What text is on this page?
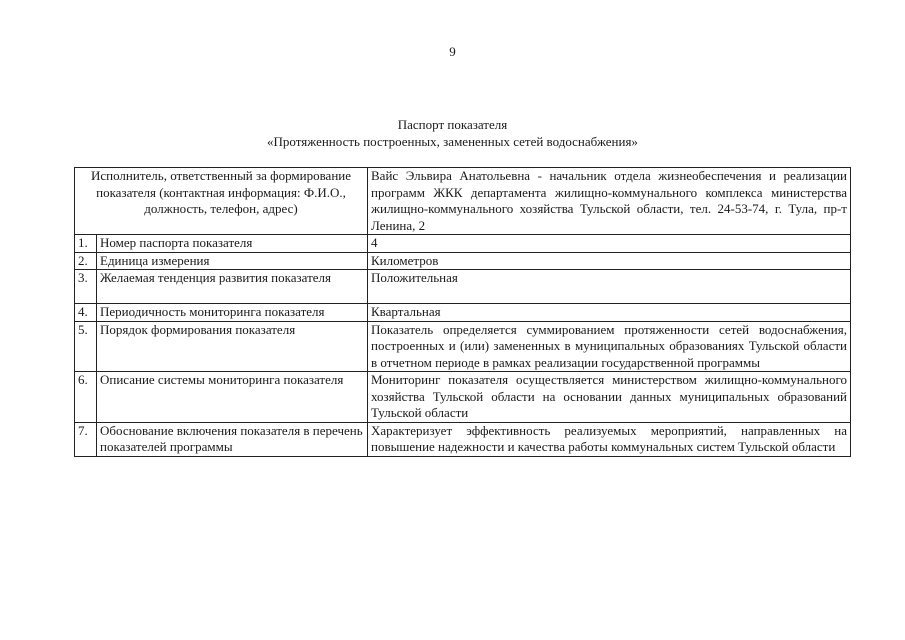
9
Паспорт показателя
«Протяженность построенных, замененных сетей водоснабжения»
Исполнитель, ответственный за формирование показателя (контактная информация: Ф.И.О., должность, телефон, адрес)		Вайс Эльвира Анатольевна - начальник отдела жизнеобеспечения и реализации программ ЖКК департамента жилищно-коммунального комплекса министерства жилищно-коммунального хозяйства Тульской области, тел. 24-53-74, г. Тула, пр-т Ленина, 2
1.	Номер паспорта показателя	4
2.	Единица измерения	Километров
3.	Желаемая тенденция развития показателя	Положительная
4.	Периодичность мониторинга показателя	Квартальная
5.	Порядок формирования показателя	Показатель определяется суммированием протяженности сетей водоснабжения, построенных и (или) замененных в муниципальных образованиях Тульской области в отчетном периоде в рамках реализации государственной программы
6.	Описание системы мониторинга показателя	Мониторинг показателя осуществляется министерством жилищно-коммунального хозяйства Тульской области на основании данных муниципальных образований Тульской области
7.	Обоснование включения показателя в перечень показателей программы	Характеризует эффективность реализуемых мероприятий, направленных на повышение надежности и качества работы коммунальных систем Тульской области
